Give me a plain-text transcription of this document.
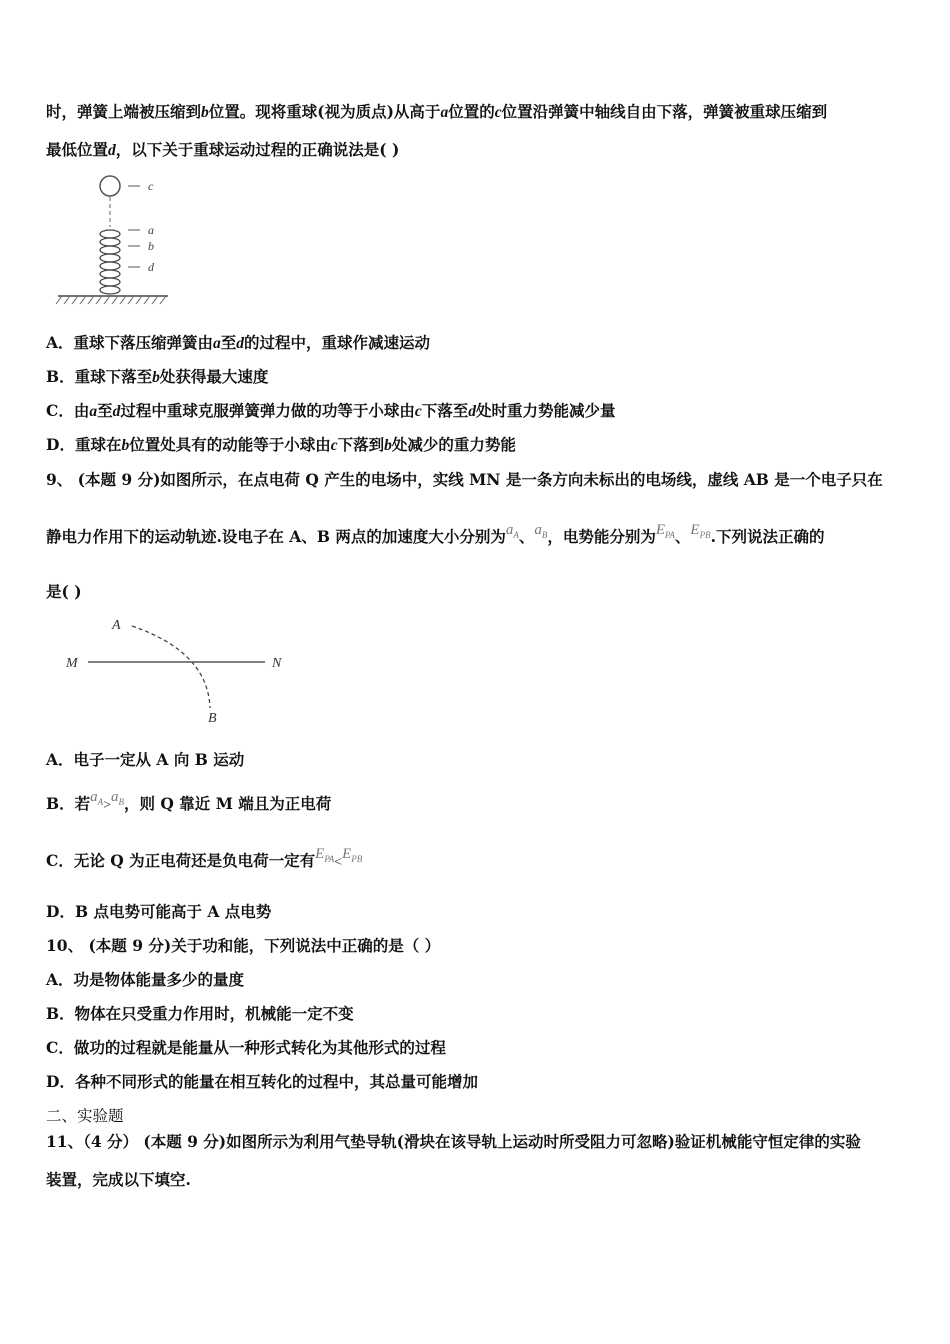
时，弹簧上端被压缩到b位置。现将重球(视为质点)从高于a位置的c位置沿弹簧中轴线自由下落，弹簧被重球压缩到
最低位置d，以下关于重球运动过程的正确说法是( )
c
a
b
d
A．重球下落压缩弹簧由a至d的过程中，重球作减速运动
B．重球下落至b处获得最大速度
C．由a至d过程中重球克服弹簧弹力做的功等于小球由c下落至d处时重力势能减少量
D．重球在b位置处具有的动能等于小球由c下落到b处减少的重力势能
9、 (本题 9 分)如图所示，在点电荷 Q 产生的电场中，实线 MN 是一条方向未标出的电场线，虚线 AB 是一个电子只在
静电力作用下的运动轨迹.设电子在 A、B 两点的加速度大小分别为$a_A$、$a_B$，电势能分别为$E_{PA}$、$E_{PB}$.下列说法正确的
是( )
A
M	N
B
A．电子一定从 A 向 B 运动
B．若$a_A>a_B$，则 Q 靠近 M 端且为正电荷
C．无论 Q 为正电荷还是负电荷一定有$E_{PA}<E_{PB}$
D．B 点电势可能高于 A 点电势
10、 (本题 9 分)关于功和能，下列说法中正确的是（ ）
A．功是物体能量多少的量度
B．物体在只受重力作用时，机械能一定不变
C．做功的过程就是能量从一种形式转化为其他形式的过程
D．各种不同形式的能量在相互转化的过程中，其总量可能增加
二、实验题
11、（4 分） (本题 9 分)如图所示为利用气垫导轨(滑块在该导轨上运动时所受阻力可忽略)验证机械能守恒定律的实验
装置，完成以下填空.
